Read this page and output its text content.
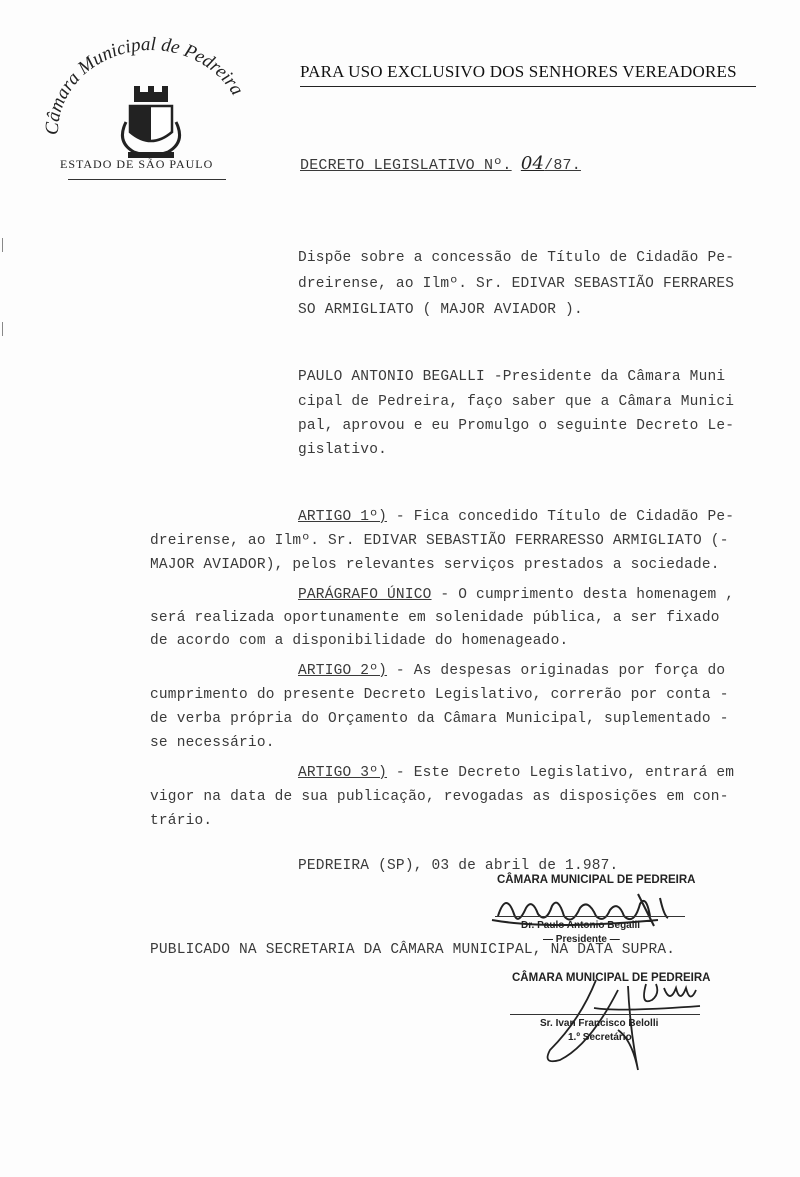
Câmara Municipal de Pedreira
ESTADO DE SÃO PAULO
PARA USO EXCLUSIVO DOS SENHORES VEREADORES
DECRETO LEGISLATIVO Nº. 04/87.
Dispõe sobre a concessão de Título de Cidadão Pe-
dreirense, ao Ilmº. Sr. EDIVAR SEBASTIÃO FERRARES
SO ARMIGLIATO ( MAJOR AVIADOR ).
PAULO ANTONIO BEGALLI -Presidente da Câmara Muni
cipal de Pedreira, faço saber que a Câmara Munici
pal, aprovou e eu Promulgo o seguinte Decreto Le-
gislativo.
ARTIGO 1º) - Fica concedido Título de Cidadão Pe-
dreirense, ao Ilmº. Sr. EDIVAR SEBASTIÃO FERRARESSO ARMIGLIATO (-
MAJOR AVIADOR), pelos relevantes serviços prestados a sociedade.
PARÁGRAFO ÚNICO - O cumprimento desta homenagem ,
será realizada oportunamente em solenidade pública, a ser fixado
de acordo com a disponibilidade do homenageado.
ARTIGO 2º) - As despesas originadas por força do
cumprimento do presente Decreto Legislativo, correrão por conta -
de verba própria do Orçamento da Câmara Municipal, suplementado -
se necessário.
ARTIGO 3º) - Este Decreto Legislativo, entrará em
vigor na data de sua publicação, revogadas as disposições em con-
trário.
PEDREIRA (SP), 03 de abril de 1.987.
CÂMARA MUNICIPAL DE PEDREIRA
Dr. Paulo Antonio Begalli
— Presidente —
PUBLICADO NA SECRETARIA DA CÂMARA MUNICIPAL, NA DATA SUPRA.
CÂMARA MUNICIPAL DE PEDREIRA
Sr. Ivan Francisco Belolli
1.º Secretário
